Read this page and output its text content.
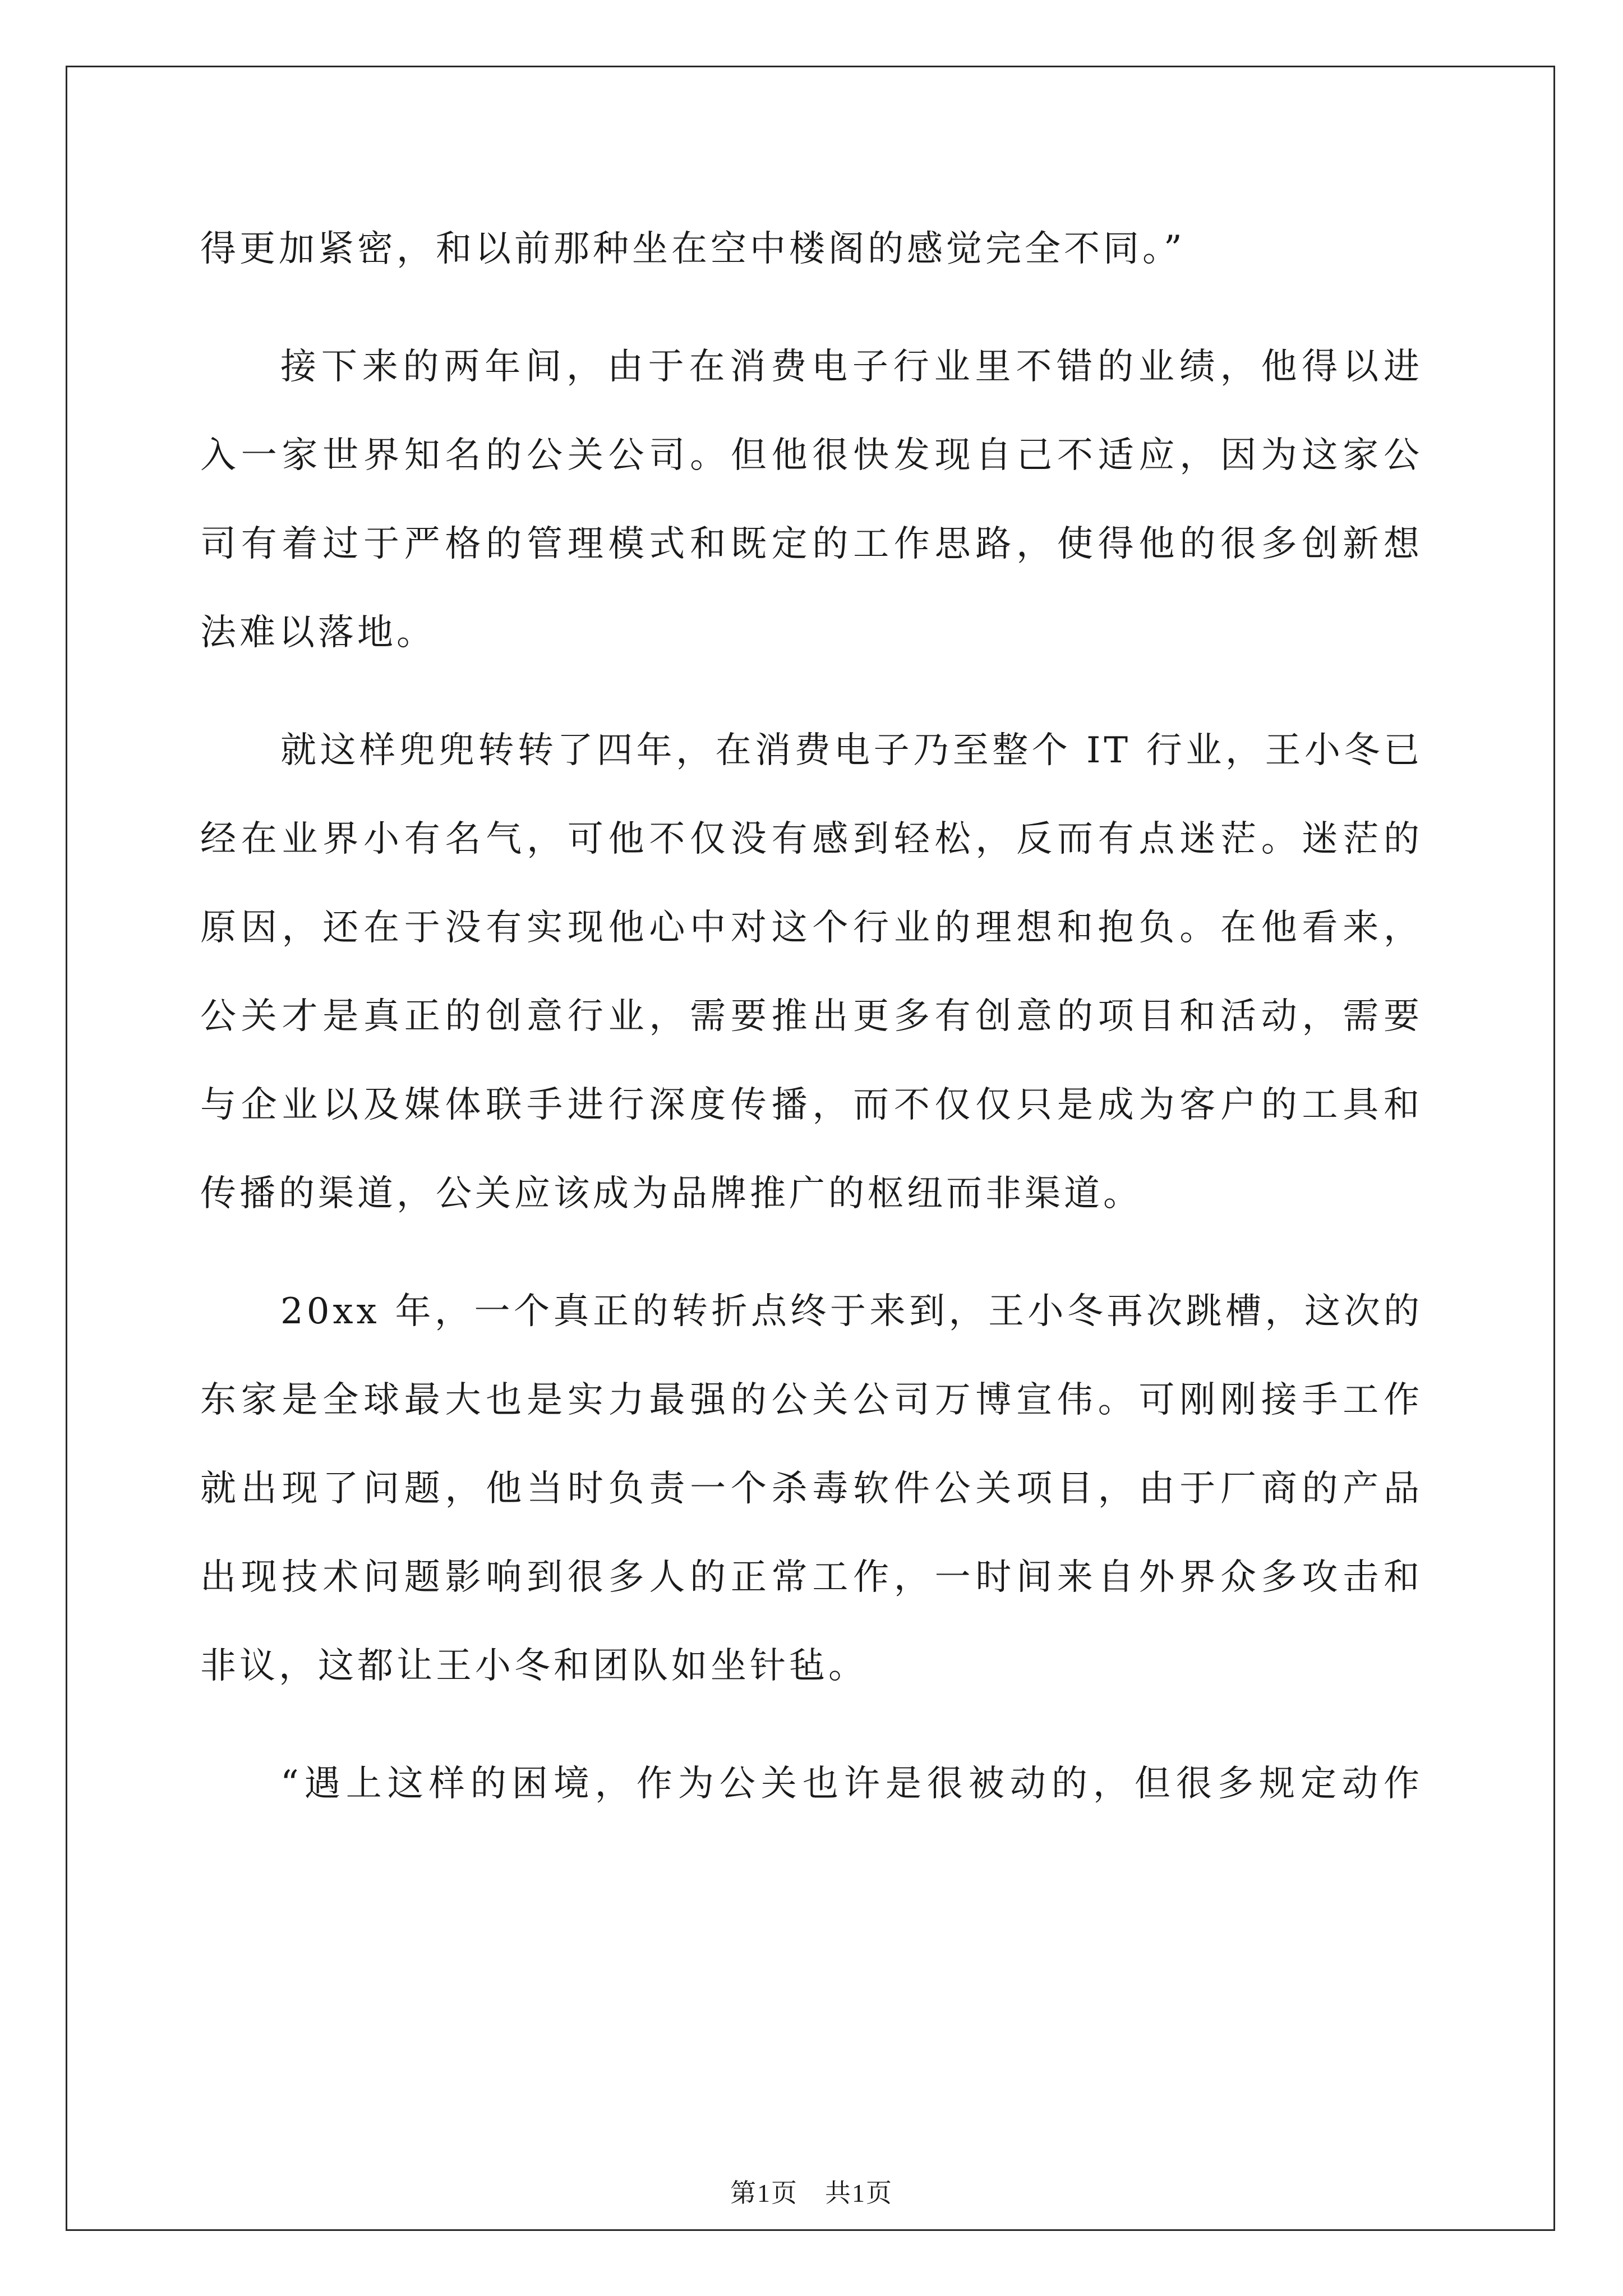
得更加紧密，和以前那种坐在空中楼阁的感觉完全不同。”
接下来的两年间，由于在消费电子行业里不错的业绩，他得以进
入一家世界知名的公关公司。但他很快发现自己不适应，因为这家公
司有着过于严格的管理模式和既定的工作思路，使得他的很多创新想
法难以落地。
就这样兜兜转转了四年，在消费电子乃至整个 IT 行业，王小冬已
经在业界小有名气，可他不仅没有感到轻松，反而有点迷茫。迷茫的
原因，还在于没有实现他心中对这个行业的理想和抱负。在他看来，
公关才是真正的创意行业，需要推出更多有创意的项目和活动，需要
与企业以及媒体联手进行深度传播，而不仅仅只是成为客户的工具和
传播的渠道，公关应该成为品牌推广的枢纽而非渠道。
20xx 年，一个真正的转折点终于来到，王小冬再次跳槽，这次的
东家是全球最大也是实力最强的公关公司万博宣伟。可刚刚接手工作
就出现了问题，他当时负责一个杀毒软件公关项目，由于厂商的产品
出现技术问题影响到很多人的正常工作，一时间来自外界众多攻击和
非议，这都让王小冬和团队如坐针毡。
“遇上这样的困境，作为公关也许是很被动的，但很多规定动作
第1页　共1页
